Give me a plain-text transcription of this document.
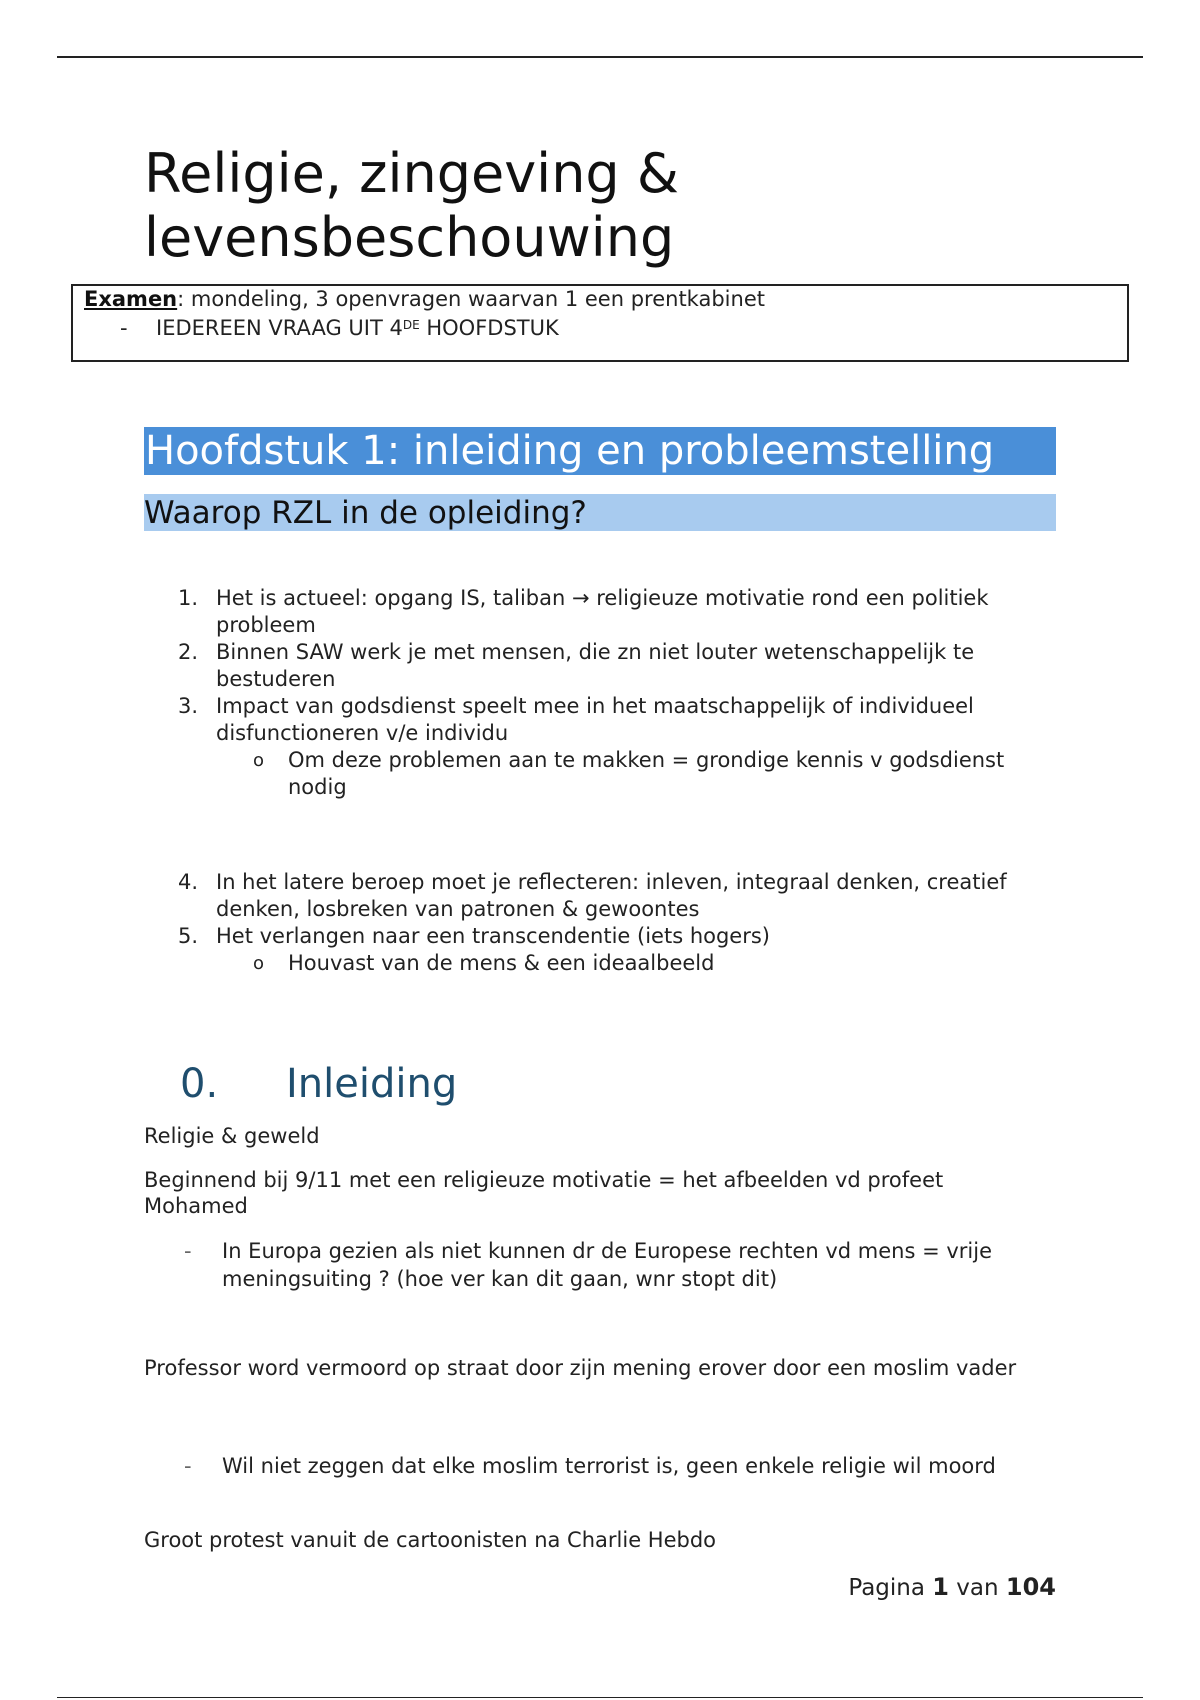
Religie, zingeving &
levensbeschouwing
Examen: mondeling, 3 openvragen waarvan 1 een prentkabinet
- IEDEREEN VRAAG UIT 4DE HOOFDSTUK
Hoofdstuk 1: inleiding en probleemstelling
Waarop RZL in de opleiding?
1. Het is actueel: opgang IS, taliban → religieuze motivatie rond een politiek probleem
2. Binnen SAW werk je met mensen, die zn niet louter wetenschappelijk te bestuderen
3. Impact van godsdienst speelt mee in het maatschappelijk of individueel disfunctioneren v/e individu
o	Om deze problemen aan te makken = grondige kennis v godsdienst nodig
4. In het latere beroep moet je reflecteren: inleven, integraal denken, creatief denken, losbreken van patronen & gewoontes
5. Het verlangen naar een transcendentie (iets hogers)
o	Houvast van de mens & een ideaalbeeld
0. Inleiding
Religie & geweld
Beginnend bij 9/11 met een religieuze motivatie = het afbeelden vd profeet Mohamed
-	In Europa gezien als niet kunnen dr de Europese rechten vd mens = vrije meningsuiting ? (hoe ver kan dit gaan, wnr stopt dit)
Professor word vermoord op straat door zijn mening erover door een moslim vader
-	Wil niet zeggen dat elke moslim terrorist is, geen enkele religie wil moord
Groot protest vanuit de cartoonisten na Charlie Hebdo
Pagina 1 van 104
